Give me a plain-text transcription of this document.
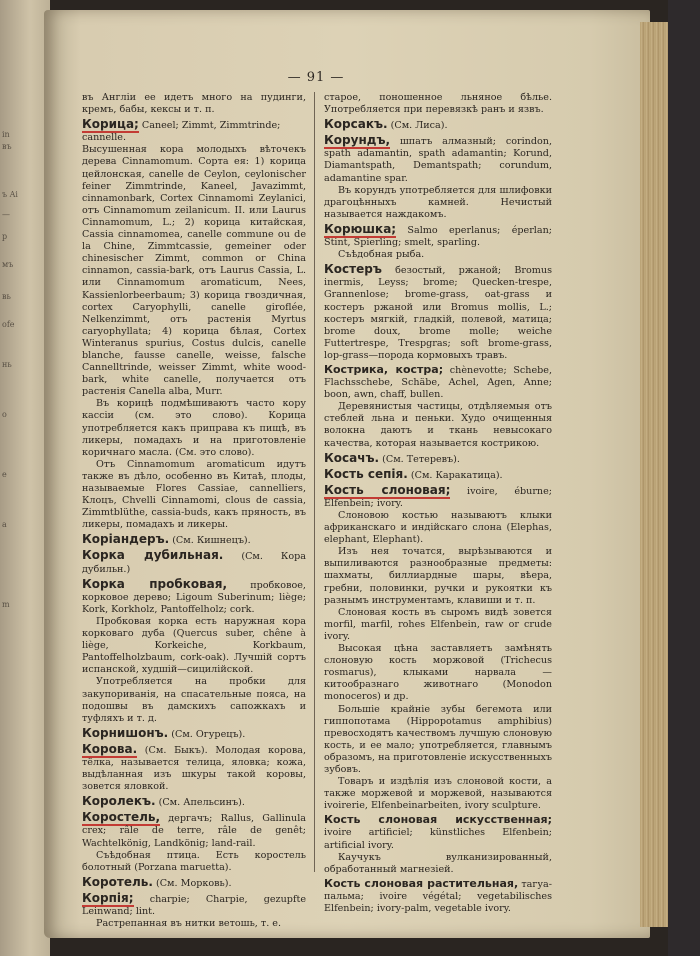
in
въ
ъ Ai
—
р
мъ
вь
ofe
нь
о
e
а
m
— 91 —

въ Англіи ее идетъ много на пудинги, кремъ, бабы, кексы и т. п.

Корица; Caneel; Zimmt, Zimmtrinde;

cannelle.

Высушенная кора молодыхъ вѣточекъ дерева Cinnamomum. Сорта ея: 1) корица цейлонская, canelle de Ceylon, ceylonischer feiner Zimmtrinde, Kaneel, Javazimmt, cinnamonbark, Cortex Cinnamomi Zeylanici, отъ Cinnamomum zeilanicum. II. или Laurus Cinnamomum, L.; 2) корица китайская, Cassia cinnamomea, canelle commune ou de la Chine, Zimmtcassie, gemeiner oder chinesischer Zimmt, common or China cinnamon, cassia-bark, отъ Laurus Cassia, L. или Cinnamomum aromaticum, Nees, Kassienlorbeerbaum; 3) корица гвоздичная, cortex Caryophylli, canelle giroflée, Nelkenzimmt, отъ растенія Myrtus caryophyllata; 4) корица бѣлая, Cortex Winteranus spurius, Costus dulcis, canelle blanche, fausse canelle, weisse, falsche Cannelltrinde, weisser Zimmt, white wood-bark, white canelle, получается отъ растенія Canella alba, Murr.

Въ корицѣ подмѣшиваютъ часто кору кассіи (см. это слово). Корица употребляется какъ приправа къ пищѣ, въ ликеры, помадахъ и на приготовленіе коричнаго масла. (См. это слово).

Отъ Cinnamomum aromaticum идутъ также въ дѣло, особенно въ Китаѣ, плоды, называемые Flores Cassiae, cannelliers, Клоцъ, Chvelli Cinnamomi, clous de cassia, Zimmtblüthe, cassia-buds, какъ пряность, въ ликеры, помадахъ и ликеры.

Коріандеръ. (См. Кишнецъ).

Корка дубильная. (См. Кора дубильн.)

Корка пробковая, пробковое, корковое дерево; Ligoum Suberinum; liège; Kork, Korkholz, Pantoffelholz; cork.

Пробковая корка есть наружная кора корковаго дуба (Quercus suber, chêne à liège, Korkeiche, Korkbaum, Pantoffelholzbaum, cork-oak). Лучшій сортъ испанской, худшій—сицилійской.

Употребляется на пробки для закупориванія, на спасательные пояса, на подошвы въ дамскихъ сапожкахъ и туфляхъ и т. д.

Корнишонъ. (См. Огурецъ).

Корова. (См. Быкъ). Молодая корова, тёлка, называется телица, яловка; кожа, выдѣланная изъ шкуры такой коровы, зовется яловкой.

Королекъ. (См. Апельсинъ).

Коростель, дергачъ; Rallus, Gallinula crex; râle de terre, râle de genêt; Wachtelkönig, Landkönig; land-rail.

Съѣдобная птица. Есть коростель болотный (Porzana maruetta).

Коротель. (См. Морковь).

Корпія; charpie; Charpie, gezupfte Leinwand; lint.

Растрепанная въ нитки ветошь, т. е.

старое, поношенное льняное бѣлье. Употребляется при перевязкѣ ранъ и язвъ.

Корсакъ. (См. Лиса).

Корундъ, шпатъ алмазный; corindon, spath adamantin, spath adamantin; Korund, Diamantspath, Demantspath; corundum, adamantine spar.

Въ корундъ употребляется для шлифовки драгоцѣнныхъ камней. Нечистый называется наждакомъ.

Корюшка; Salmo eperlanus; éperlan; Stint, Spierling; smelt, sparling.

Съѣдобная рыба.

Костеръ безостый, ржаной; Bromus inermis, Leyss; brome; Quecken-trespe, Grannenlose; brome-grass, oat-grass и костеръ ржаной или Bromus mollis, L.; костеръ мягкій, гладкій, полевой, матица; brome doux, brome molle; weiche Futtertrespe, Trespgras; soft brome-grass, lop-grass—порода кормовыхъ травъ.

Кострика, кострa; chènevotte; Schebe, Flachsschebe, Schäbe, Achel, Agen, Anne; boon, awn, chaff, bullen.

Деревянистыя частицы, отдѣляемыя отъ стеблей льна и пеньки. Худо очищенныя волокна даютъ и ткань невысокаго качества, которая называется кострикою.

Косачъ. (См. Тетеревъ).

Кость сепія. (См. Каракатица).

Кость слоновая; ivoire, éburne; Elfenbein; ivory.

Слоновою костью называютъ клыки африканскаго и индійскаго слона (Elephas, elephant, Elephant).

Изъ нея точатся, вырѣзываются и выпиливаются разнообразные предметы: шахматы, биллиардные шары, вѣера, гребни, половинки, ручки и рукоятки къ разнымъ инструментамъ, клавиши и т. п.

Слоновая кость въ сыромъ видѣ зовется morfil, marfil, rohes Elfenbein, raw or crude ivory.

Высокая цѣна заставляетъ замѣнять слоновую кость моржовой (Trichecus rosmarus), клыками нарвала — китообразнаго животнаго (Monodon monoceros) и др.

Большіе крайніе зубы бегемота или гиппопотама (Hippopotamus amphibius) превосходятъ качествомъ лучшую слоновую кость, и ее мало; употребляется, главнымъ образомъ, на приготовленіе искусственныхъ зубовъ.

Товаръ и издѣлія изъ слоновой кости, а также моржевой и моржевой, называются ivoirerie, Elfenbeinarbeiten, ivory sculpture.

Кость слоновая искусственная; ivoire artificiel; künstliches Elfenbein; artificial ivory.

Каучукъ вулканизированный, обработанный магнезіей.

Кость слоновая растительная, тагуа-пальма; ivoire végétal; vegetabilisches Elfenbein; ivory-palm, vegetable ivory.
